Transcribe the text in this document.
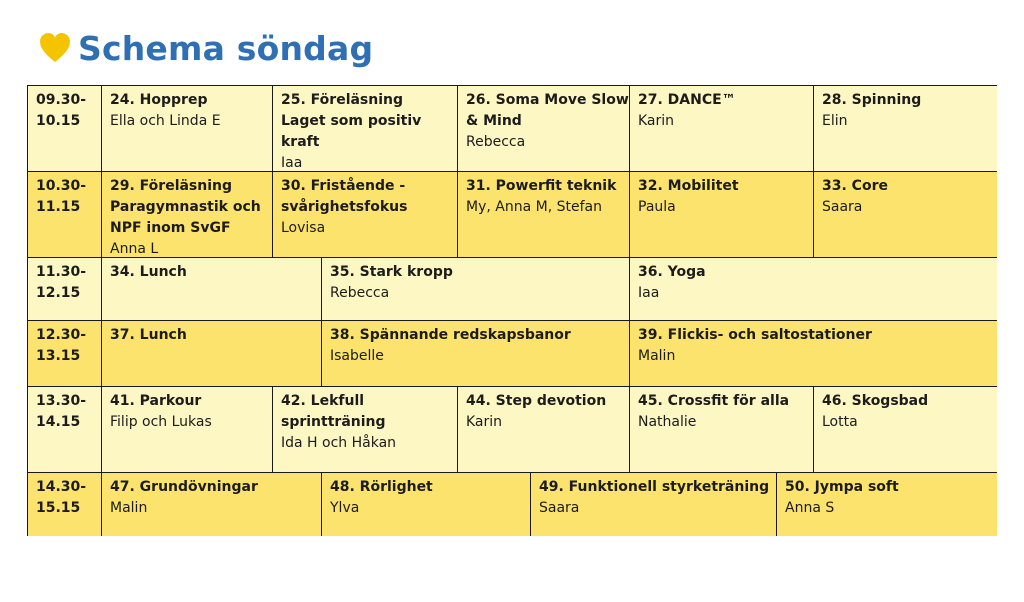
Schema söndag
09.30-
10.15
24. Hopprep
Ella och Linda E
25. Föreläsning
Laget som positiv kraft
Iaa
26. Soma Move Slow
& Mind
Rebecca
27. DANCE™
Karin
28. Spinning
Elin
10.30-
11.15
29. Föreläsning
Paragymnastik och
NPF inom SvGF
Anna L
30. Fristående -
svårighetsfokus
Lovisa
31. Powerfit teknik
My, Anna M, Stefan
32. Mobilitet
Paula
33. Core
Saara
11.30-
12.15
34. Lunch	35. Stark kropp
Rebecca
36. Yoga
Iaa
12.30-
13.15
37. Lunch	38. Spännande redskapsbanor
Isabelle
39. Flickis- och saltostationer
Malin
13.30-
14.15
41. Parkour
Filip och Lukas
42. Lekfull
sprintträning
Ida H och Håkan
44. Step devotion
Karin
45. Crossfit för alla
Nathalie
46. Skogsbad
Lotta
14.30-
15.15
47. Grundövningar
Malin
48. Rörlighet
Ylva
49. Funktionell styrketräning
Saara
50. Jympa soft
Anna S
